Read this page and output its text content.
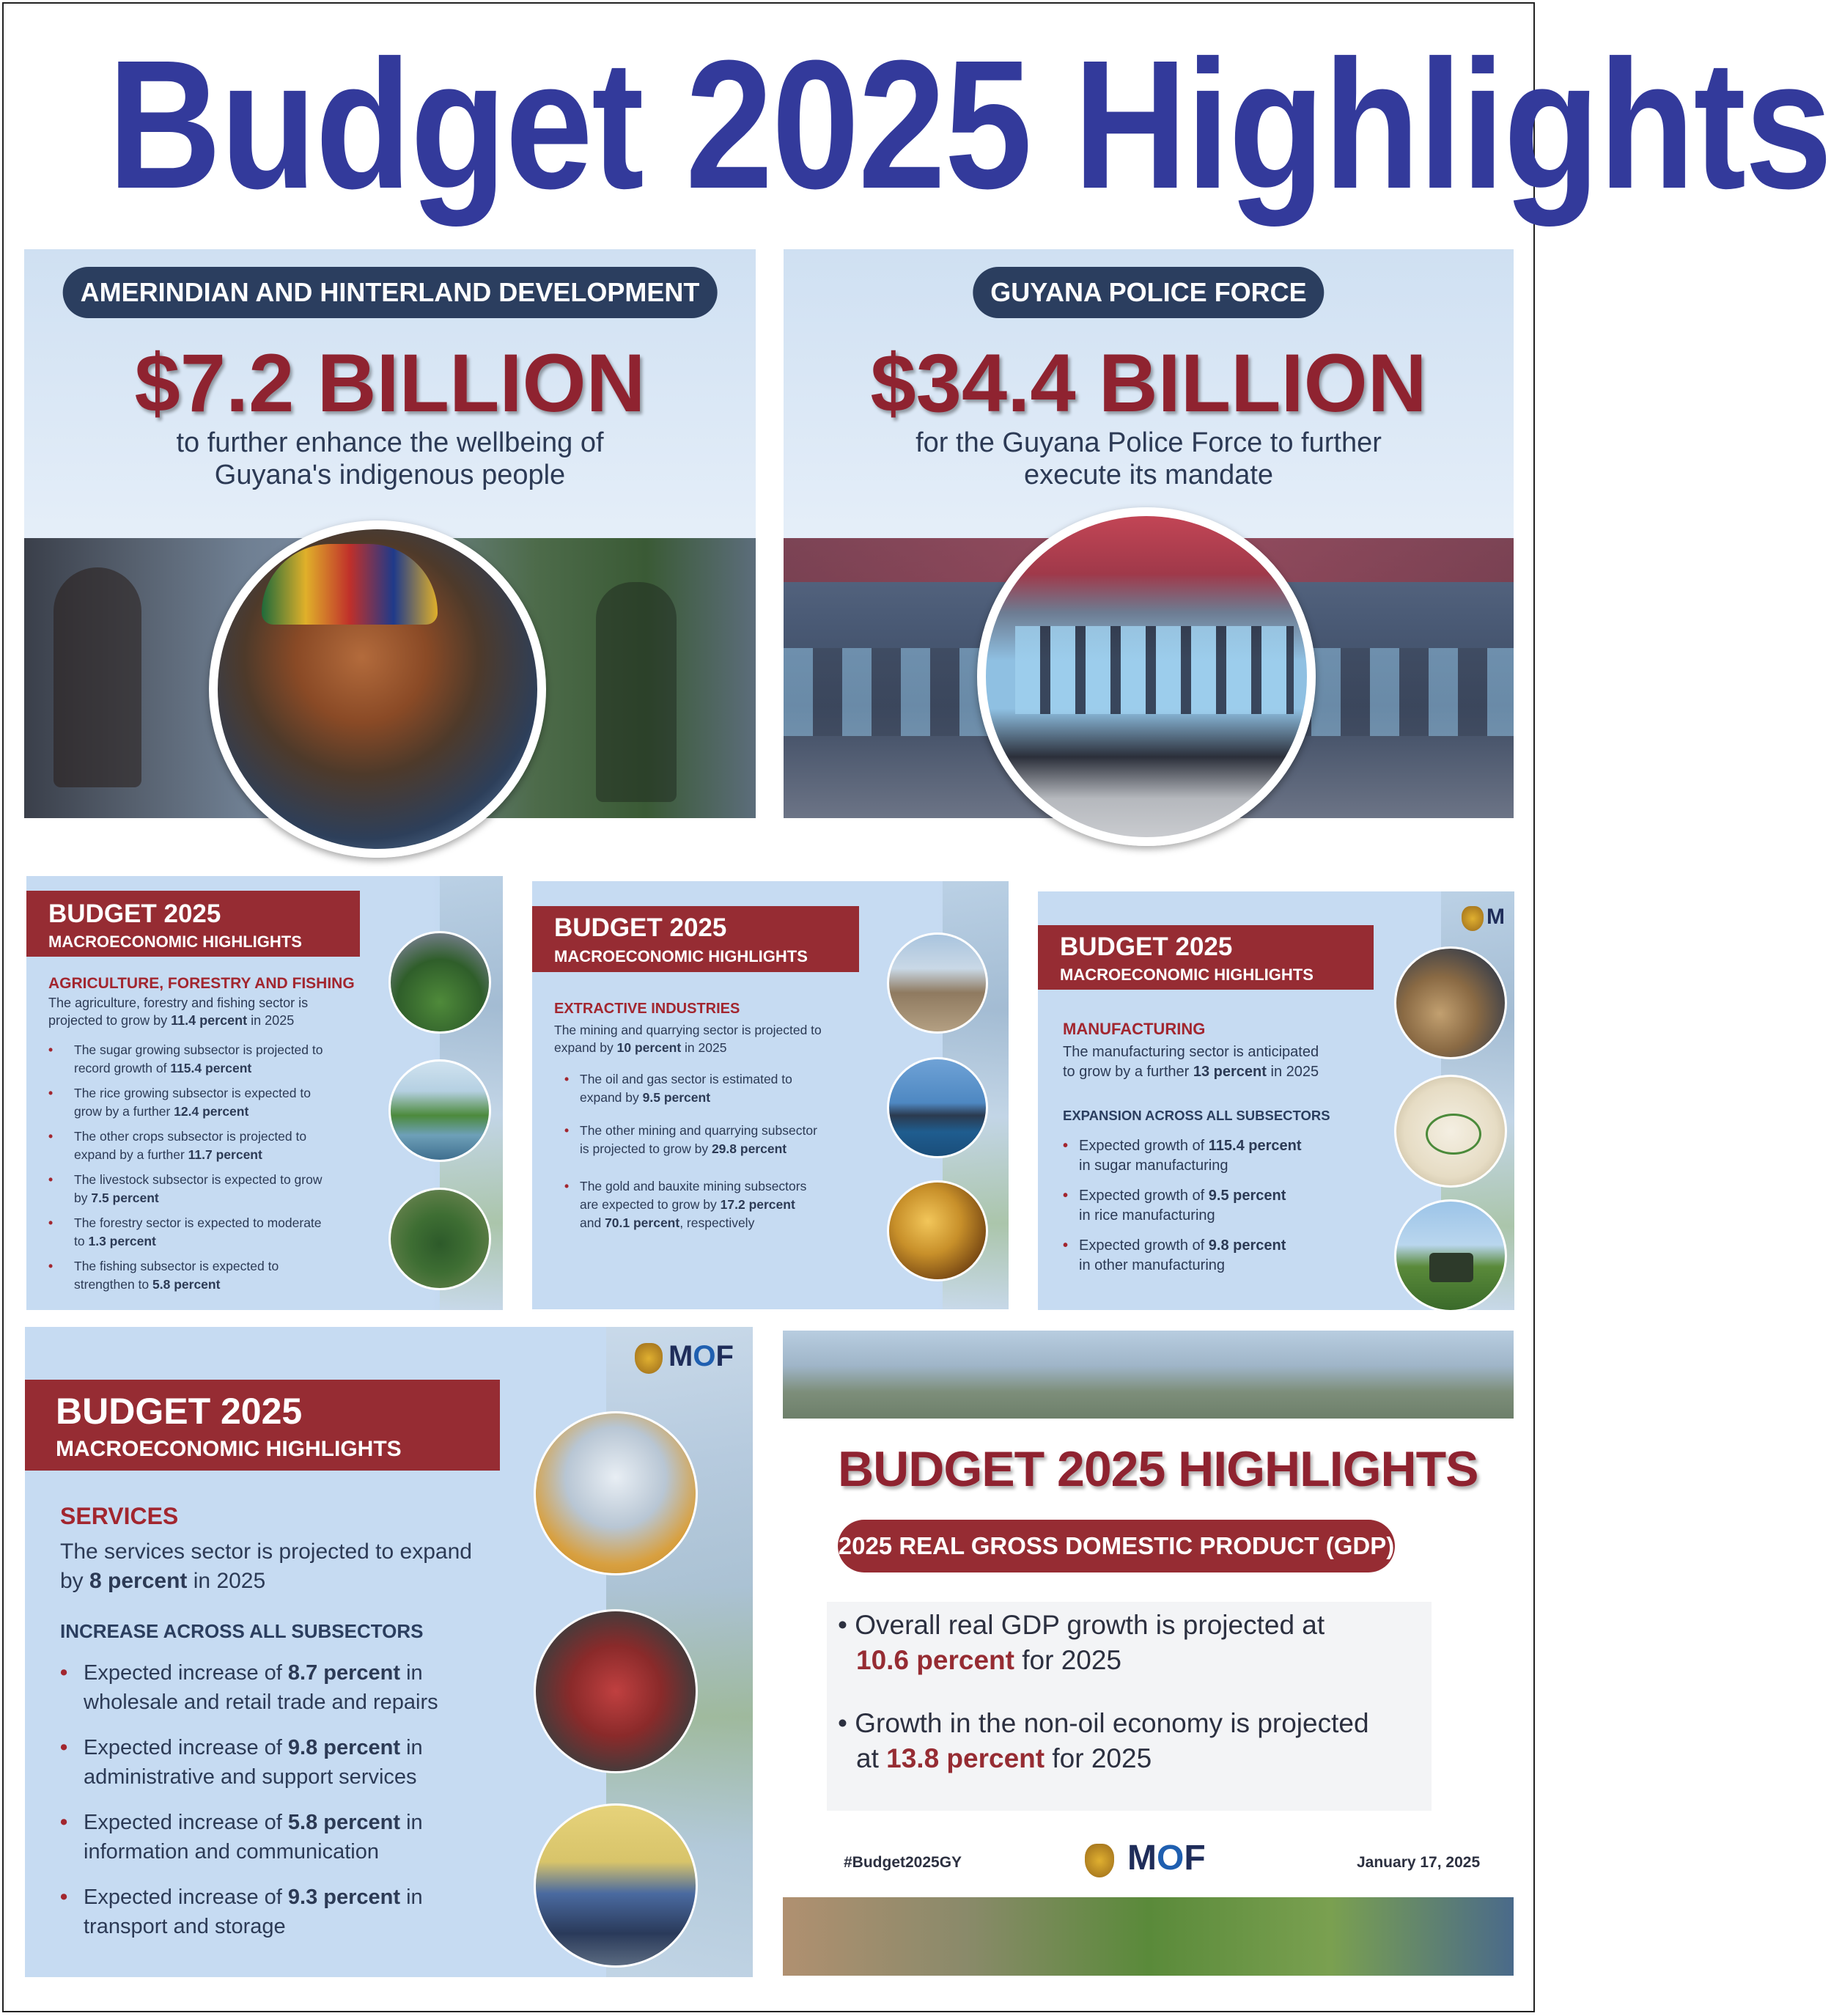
Budget 2025 Highlights
AMERINDIAN AND HINTERLAND DEVELOPMENT
$7.2 BILLION
to further enhance the wellbeing of
Guyana's indigenous people
GUYANA POLICE FORCE
$34.4 BILLION
for the Guyana Police Force to further
execute its mandate
BUDGET 2025
MACROECONOMIC HIGHLIGHTS
AGRICULTURE, FORESTRY AND FISHING
The agriculture, forestry and fishing sector is
projected to grow by 11.4 percent in 2025
•	The sugar growing subsector is projected to
record growth of 115.4 percent
•	The rice growing subsector is expected to
grow by a further 12.4 percent
•	The other crops subsector is projected to
expand by a further 11.7 percent
•	The livestock subsector is expected to grow
by 7.5 percent
•	The forestry sector is expected to moderate
to 1.3 percent
•	The fishing subsector is expected to
strengthen to 5.8 percent
BUDGET 2025
MACROECONOMIC HIGHLIGHTS
EXTRACTIVE INDUSTRIES
The mining and quarrying sector is projected to
expand by 10 percent in 2025
• The oil and gas sector is estimated to
expand by 9.5 percent
• The other mining and quarrying subsector
is projected to grow by 29.8 percent
• The gold and bauxite mining subsectors
are expected to grow by 17.2 percent
and 70.1 percent, respectively
BUDGET 2025
MACROECONOMIC HIGHLIGHTS
MANUFACTURING
The manufacturing sector is anticipated
to grow by a further 13 percent in 2025
EXPANSION ACROSS ALL SUBSECTORS
• Expected growth of 115.4 percent
in sugar manufacturing
• Expected growth of 9.5 percent
in rice manufacturing
• Expected growth of 9.8 percent
in other manufacturing
M
BUDGET 2025
MACROECONOMIC HIGHLIGHTS
SERVICES
The services sector is projected to expand
by 8 percent in 2025
INCREASE ACROSS ALL SUBSECTORS
• Expected increase of 8.7 percent in
wholesale and retail trade and repairs
• Expected increase of 9.8 percent in
administrative and support services
• Expected increase of 5.8 percent in
information and communication
• Expected increase of 9.3 percent in
transport and storage
MOF
BUDGET 2025 HIGHLIGHTS
2025 REAL GROSS DOMESTIC PRODUCT (GDP)
• Overall real GDP growth is projected at
10.6 percent for 2025
• Growth in the non-oil economy is projected
at 13.8 percent for 2025
#Budget2025GY	MOF	January 17, 2025
